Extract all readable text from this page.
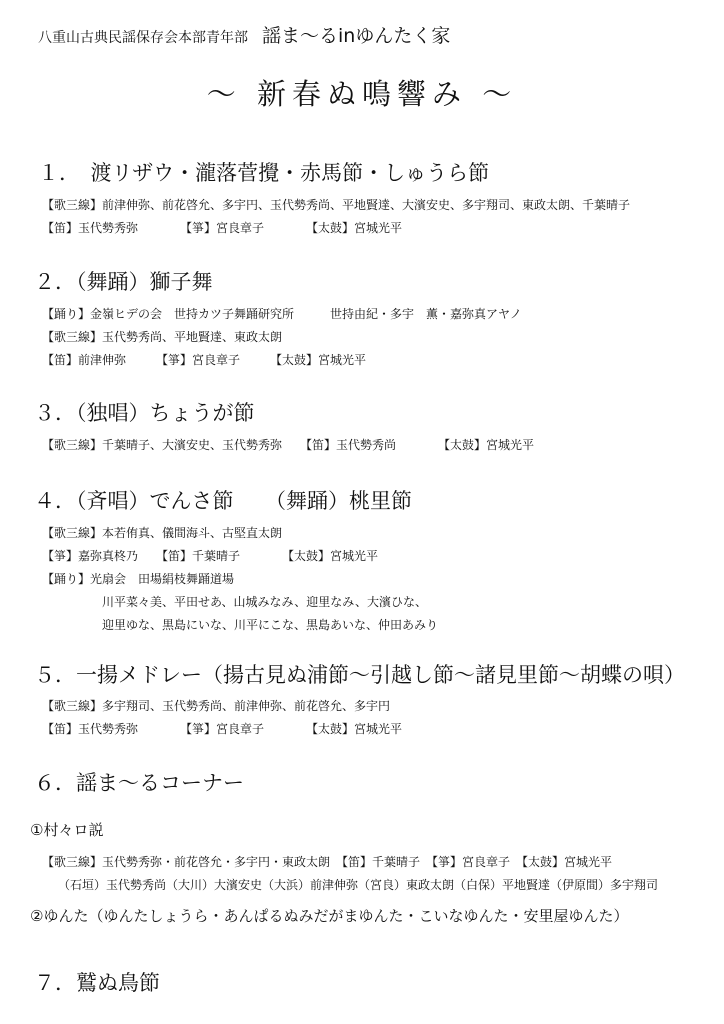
八重山古典民謡保存会本部青年部 謡ま～るinゆんたく家
～ 新春ぬ鳴響み ～
１．　渡リザウ・瀧落菅攪・赤馬節・しゅうら節
【歌三線】前津伸弥、前花啓允、多宇円、玉代勢秀尚、平地賢達、大濱安史、多宇翔司、東政太朗、千葉晴子
【笛】玉代勢秀弥　　　　【箏】宮良章子　　　　【太鼓】宮城光平
２．（舞踊）獅子舞
【踊り】金嶺ヒデの会　世持カツ子舞踊研究所　　　世持由紀・多宇　薫・嘉弥真アヤノ
【歌三線】玉代勢秀尚、平地賢達、東政太朗
【笛】前津伸弥　　　【箏】宮良章子　　　【太鼓】宮城光平
３．（独唱）ちょうが節
【歌三線】千葉晴子、大濱安史、玉代勢秀弥　　【笛】玉代勢秀尚　　　　【太鼓】宮城光平
４．（斉唱）でんさ節　　（舞踊）桃里節
【歌三線】本若侑真、儀間海斗、古堅直太朗
【箏】嘉弥真柊乃　　【笛】千葉晴子　　　　【太鼓】宮城光平
【踊り】光扇会　田場絹枝舞踊道場
　　　　　川平菜々美、平田せあ、山城みなみ、迎里なみ、大濱ひな、
　　　　　迎里ゆな、黒島にいな、川平にこな、黒島あいな、仲田あみり
５．一揚メドレー（揚古見ぬ浦節～引越し節～諸見里節～胡蝶の唄）
【歌三線】多宇翔司、玉代勢秀尚、前津伸弥、前花啓允、多宇円
【笛】玉代勢秀弥　　　　【箏】宮良章子　　　　【太鼓】宮城光平
６．謡ま～るコーナー
①村々ロ説
【歌三線】玉代勢秀弥・前花啓允・多宇円・東政太朗　【笛】千葉晴子　【箏】宮良章子　【太鼓】宮城光平
（石垣）玉代勢秀尚（大川）大濱安史（大浜）前津伸弥（宮良）東政太朗（白保）平地賢達（伊原間）多宇翔司
②ゆんた（ゆんたしょうら・あんぱるぬみだがまゆんた・こいなゆんた・安里屋ゆんた）
７．鷲ぬ鳥節
